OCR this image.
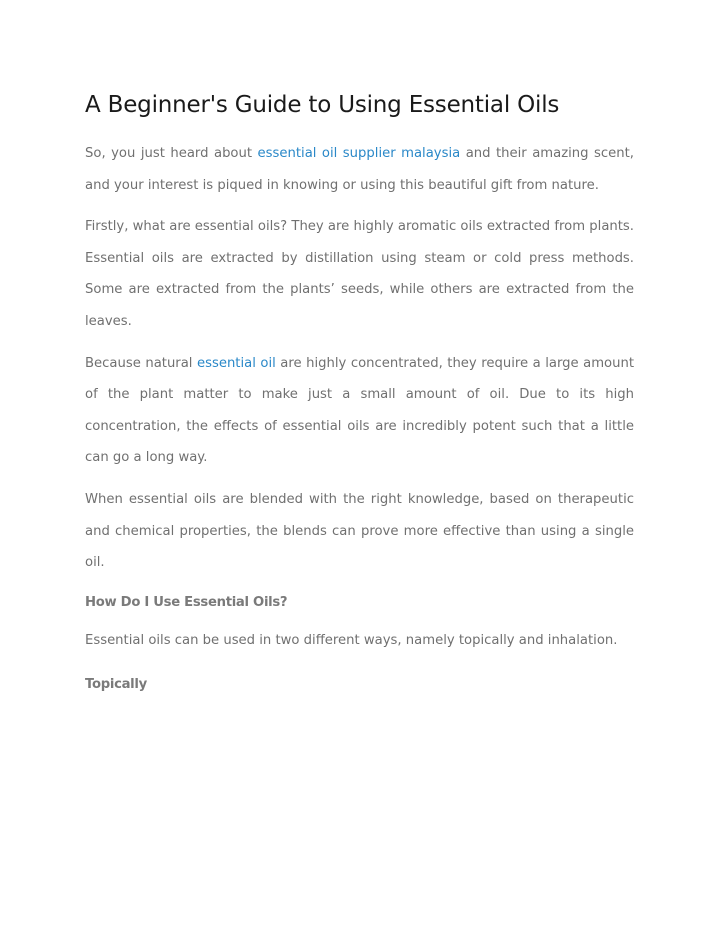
A Beginner's Guide to Using Essential Oils

So, you just heard about essential oil supplier malaysia and their amazing scent, and your interest is piqued in knowing or using this beautiful gift from nature.

Firstly, what are essential oils? They are highly aromatic oils extracted from plants. Essential oils are extracted by distillation using steam or cold press methods. Some are extracted from the plants’ seeds, while others are extracted from the leaves.

Because natural essential oil are highly concentrated, they require a large amount of the plant matter to make just a small amount of oil. Due to its high concentration, the effects of essential oils are incredibly potent such that a little can go a long way.

When essential oils are blended with the right knowledge, based on therapeutic and chemical properties, the blends can prove more effective than using a single oil.

How Do I Use Essential Oils?

Essential oils can be used in two different ways, namely topically and inhalation.

Topically
